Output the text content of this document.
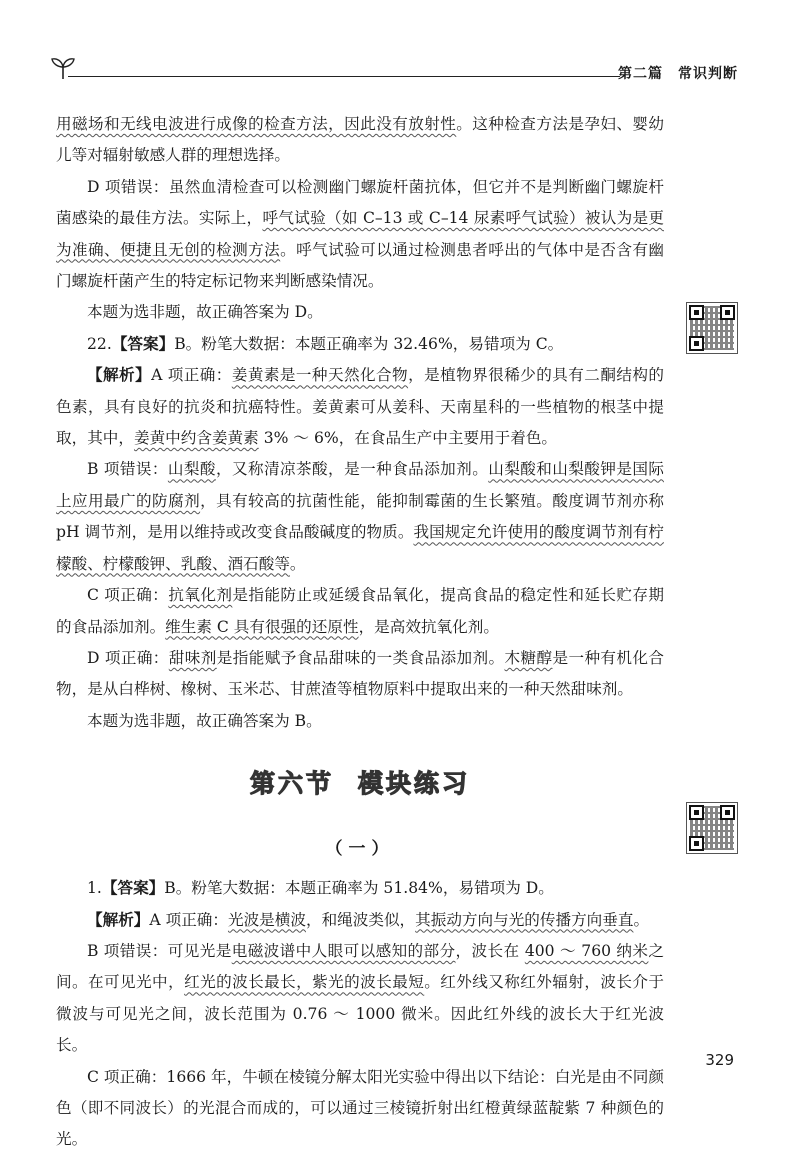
第二篇　常识判断

用磁场和无线电波进行成像的检查方法，因此没有放射性。这种检查方法是孕妇、婴幼儿等对辐射敏感人群的理想选择。

D 项错误：虽然血清检查可以检测幽门螺旋杆菌抗体，但它并不是判断幽门螺旋杆菌感染的最佳方法。实际上，呼气试验（如 C–13 或 C–14 尿素呼气试验）被认为是更为准确、便捷且无创的检测方法。呼气试验可以通过检测患者呼出的气体中是否含有幽门螺旋杆菌产生的特定标记物来判断感染情况。

本题为选非题，故正确答案为 D。

22.【答案】B。粉笔大数据：本题正确率为 32.46%，易错项为 C。

【解析】A 项正确：姜黄素是一种天然化合物，是植物界很稀少的具有二酮结构的色素，具有良好的抗炎和抗癌特性。姜黄素可从姜科、天南星科的一些植物的根茎中提取，其中，姜黄中约含姜黄素 3% ～ 6%，在食品生产中主要用于着色。

B 项错误：山梨酸，又称清凉茶酸，是一种食品添加剂。山梨酸和山梨酸钾是国际上应用最广的防腐剂，具有较高的抗菌性能，能抑制霉菌的生长繁殖。酸度调节剂亦称 pH 调节剂，是用以维持或改变食品酸碱度的物质。我国规定允许使用的酸度调节剂有柠檬酸、柠檬酸钾、乳酸、酒石酸等。

C 项正确：抗氧化剂是指能防止或延缓食品氧化，提高食品的稳定性和延长贮存期的食品添加剂。维生素 C 具有很强的还原性，是高效抗氧化剂。

D 项正确：甜味剂是指能赋予食品甜味的一类食品添加剂。木糖醇是一种有机化合物，是从白桦树、橡树、玉米芯、甘蔗渣等植物原料中提取出来的一种天然甜味剂。

本题为选非题，故正确答案为 B。

第六节 模块练习
（一）

1.【答案】B。粉笔大数据：本题正确率为 51.84%，易错项为 D。

【解析】A 项正确：光波是横波，和绳波类似，其振动方向与光的传播方向垂直。

B 项错误：可见光是电磁波谱中人眼可以感知的部分，波长在 400 ～ 760 纳米之间。在可见光中，红光的波长最长，紫光的波长最短。红外线又称红外辐射，波长介于微波与可见光之间，波长范围为 0.76 ～ 1000 微米。因此红外线的波长大于红光波长。

C 项正确：1666 年，牛顿在棱镜分解太阳光实验中得出以下结论：白光是由不同颜色（即不同波长）的光混合而成的，可以通过三棱镜折射出红橙黄绿蓝靛紫 7 种颜色的光。

329
